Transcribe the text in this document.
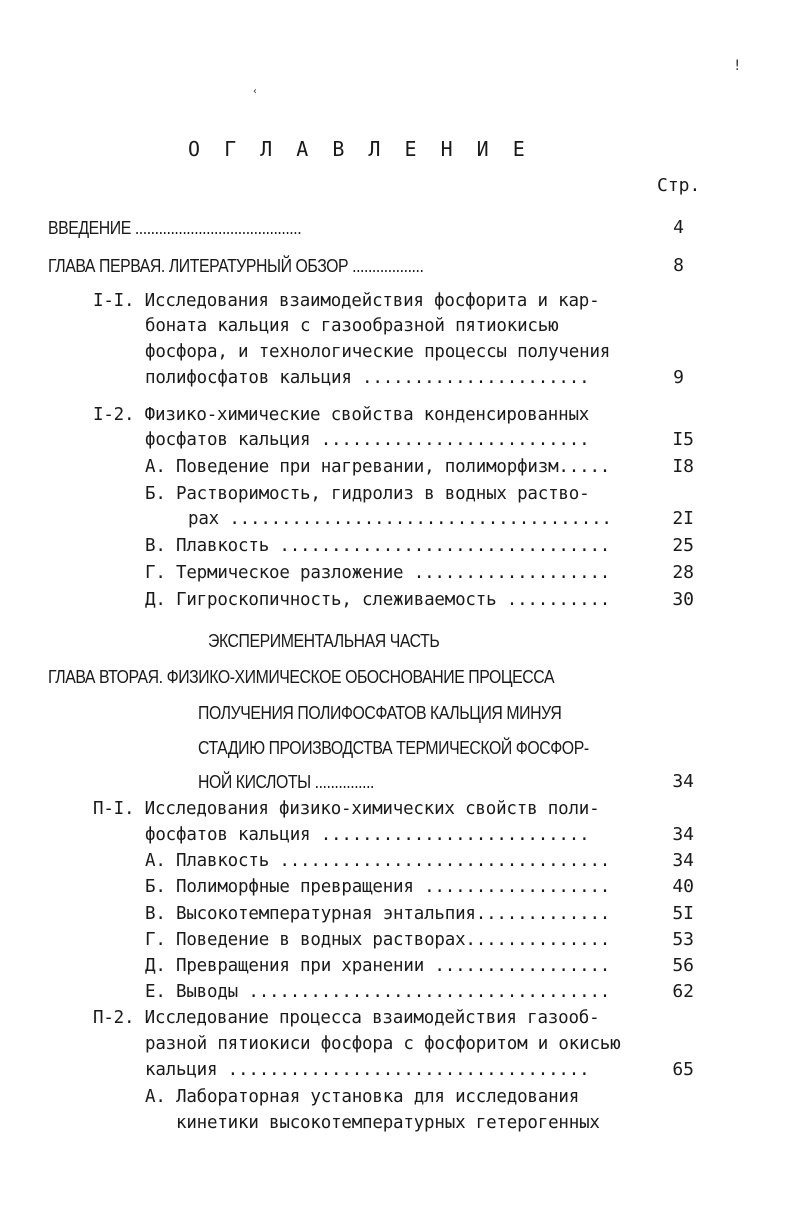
!
‹
О Г Л А В Л Е Н И Е
Стр.
ВВЕДЕНИЕ ..........................................	4
ГЛАВА ПЕРВАЯ. ЛИТЕРАТУРНЫЙ ОБЗОР ..................	8
I-I. Исследования взаимодействия фосфорита и кар-
бoната кальция с газообразной пятиокисью
фосфора, и технологические процессы получения
полифосфатов кальция ......................	9
I-2. Физико-химические свойства конденсированных
фосфатов кальция ..........................	I5
А. Поведение при нагревании, полиморфизм.....	I8
Б. Растворимость, гидролиз в водных раство-
рах .....................................	2I
В. Плавкость ................................	25
Г. Термическое разложение ...................	28
Д. Гигроскопичность, слеживаемость ..........	30
ЭКСПЕРИМЕНТАЛЬНАЯ ЧАСТЬ
ГЛАВА ВТОРАЯ. ФИЗИКО-ХИМИЧЕСКОЕ ОБОСНОВАНИЕ ПРОЦЕССА
ПОЛУЧЕНИЯ ПОЛИФОСФАТОВ КАЛЬЦИЯ МИНУЯ
СТАДИЮ ПРОИЗВОДСТВА ТЕРМИЧЕСКОЙ ФОСФОР-
НОЙ КИСЛОТЫ ...............	34
П-I. Исследования физико-химических свойств поли-
фосфатов кальция ..........................	34
А. Плавкость ................................	34
Б. Полиморфные превращения ..................	40
В. Высокотемпературная энтальпия.............	5I
Г. Поведение в водных растворах..............	53
Д. Превращения при хранении .................	56
Е. Выводы ...................................	62
П-2. Исследование процесса взаимодействия газооб-
разной пятиокиси фосфора с фосфоритом и окисью
кальция ...................................	65
А. Лабораторная установка для исследования
кинетики высокотемпературных гетерогенных
